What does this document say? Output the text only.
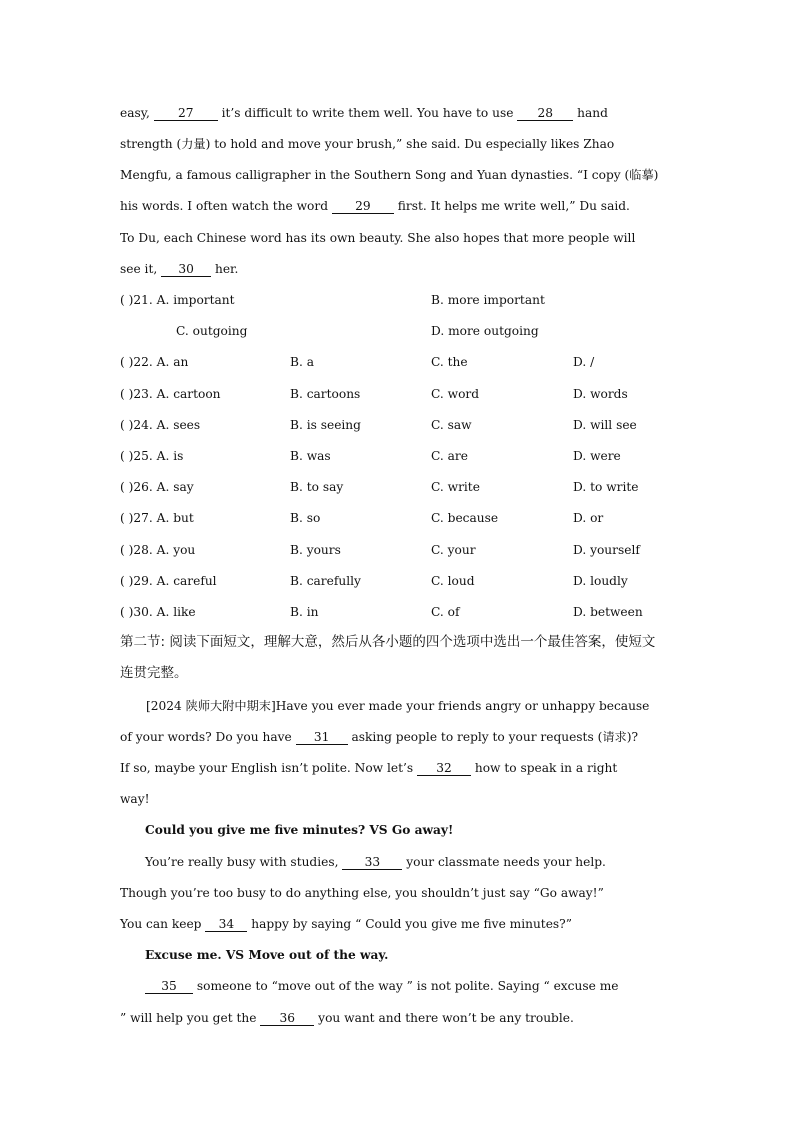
easy, 27 it’s difficult to write them well. You have to use 28 hand
strength (力量) to hold and move your brush,” she said. Du especially likes Zhao
Mengfu, a famous calligrapher in the Southern Song and Yuan dynasties. “I copy (临摹)
his words. I often watch the word 29 first. It helps me write well,” Du said.
To Du, each Chinese word has its own beauty. She also hopes that more people will
see it, 30 her.
( )21. A. important	B. more important
C. outgoing	D. more outgoing
( )22. A. an	B. a	C. the	D. /
( )23. A. cartoon	B. cartoons	C. word	D. words
( )24. A. sees	B. is seeing	C. saw	D. will see
( )25. A. is	B. was	C. are	D. were
( )26. A. say	B. to say	C. write	D. to write
( )27. A. but	B. so	C. because	D. or
( )28. A. you	B. yours	C. your	D. yourself
( )29. A. careful	B. carefully	C. loud	D. loudly
( )30. A. like	B. in	C. of	D. between
第二节: 阅读下面短文，理解大意，然后从各小题的四个选项中选出一个最佳答案，使短文
连贯完整。
[2024 陕师大附中期末]Have you ever made your friends angry or unhappy because
of your words? Do you have 31 asking people to reply to your requests (请求)?
If so, maybe your English isn’t polite. Now let’s 32 how to speak in a right
way!
Could you give me five minutes? VS Go away!
You’re really busy with studies, 33 your classmate needs your help.
Though you’re too busy to do anything else, you shouldn’t just say “Go away!”
You can keep 34 happy by saying “ Could you give me five minutes?”
Excuse me. VS Move out of the way.
35 someone to “move out of the way ” is not polite. Saying “ excuse me
” will help you get the 36 you want and there won’t be any trouble.
